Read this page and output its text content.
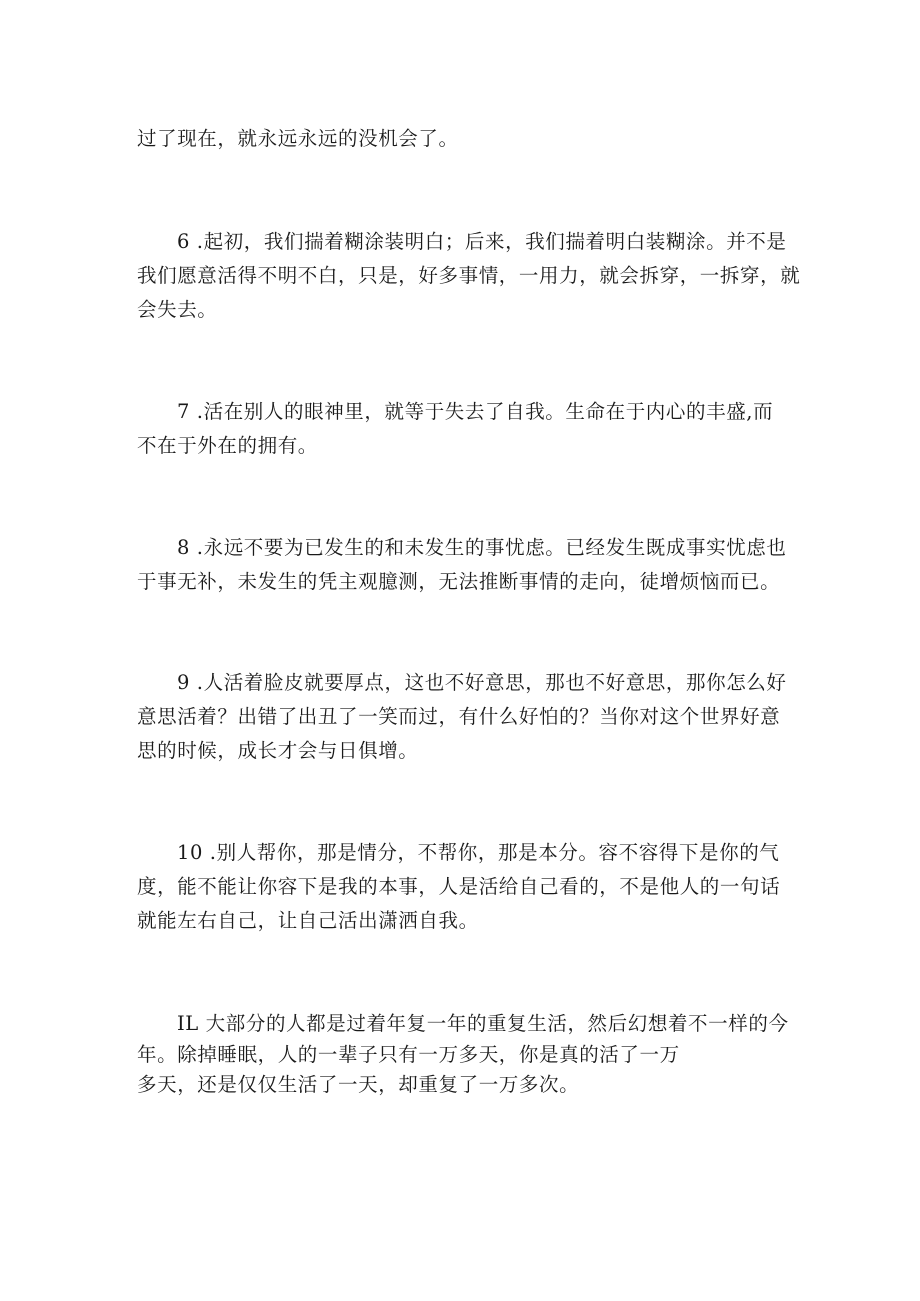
过了现在，就永远永远的没机会了。

6 .起初，我们揣着糊涂装明白；后来，我们揣着明白装糊涂。并不是

我们愿意活得不明不白，只是，好多事情，一用力，就会拆穿，一拆穿，就

会失去。

7 .活在别人的眼神里，就等于失去了自我。生命在于内心的丰盛,而

不在于外在的拥有。

8 .永远不要为已发生的和未发生的事忧虑。已经发生既成事实忧虑也

于事无补，未发生的凭主观臆测，无法推断事情的走向，徒增烦恼而已。

9 .人活着脸皮就要厚点，这也不好意思，那也不好意思，那你怎么好

意思活着？出错了出丑了一笑而过，有什么好怕的？当你对这个世界好意

思的时候，成长才会与日俱增。

10 .别人帮你，那是情分，不帮你，那是本分。容不容得下是你的气

度，能不能让你容下是我的本事，人是活给自己看的，不是他人的一句话

就能左右自己，让自己活出潇洒自我。

IL 大部分的人都是过着年复一年的重复生活，然后幻想着不一样的今

年。除掉睡眠，人的一辈子只有一万多天，你是真的活了一万

多天，还是仅仅生活了一天，却重复了一万多次。
